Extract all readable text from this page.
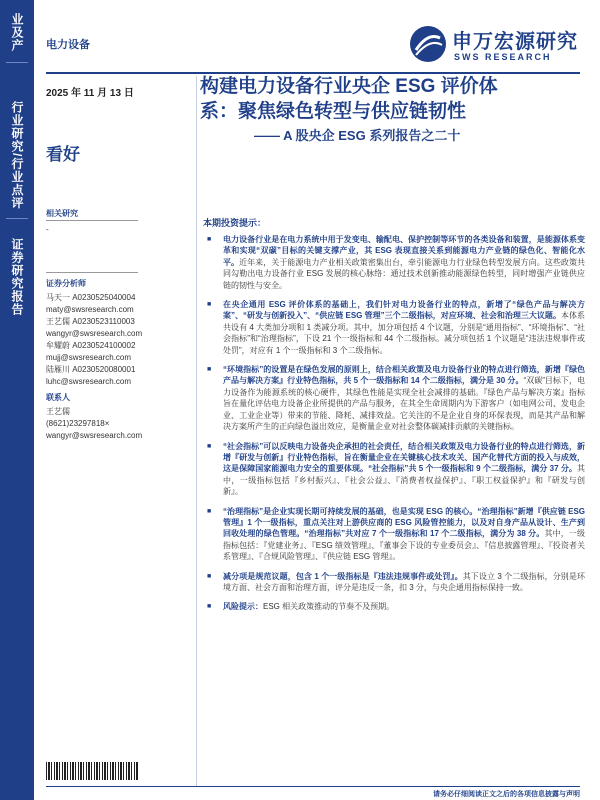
业及产
行业研究/行业点评
证券研究报告
电力设备	申万宏源研究
SWS RESEARCH
2025 年 11 月 13 日
看好
构建电力设备行业央企 ESG 评价体
系：聚焦绿色转型与供应链韧性
—— A 股央企 ESG 系列报告之二十
相关研究
-
证券分析师
马天一 A0230525040004
maty@swsresearch.com
王艺儒 A0230523110003
wangyr@swsresearch.com
牟耀蔚 A0230524100002
mujj@swsresearch.com
陆雁川 A0230520080001
luhc@swsresearch.com
联系人
王艺儒
(8621)23297818×
wangyr@swsresearch.com
本期投资提示：
■ 电力设备行业是在电力系统中用于发变电、输配电、保护控制等环节的各类设备和装置，是能源体系变革和实现“双碳”目标的关键支撑产业，其 ESG 表现直接关系到能源电力产业链的绿色化、智能化水平。近年来，关于能源电力产业相关政策密集出台，牵引能源电力行业绿色转型发展方向。这些政策共同勾勒出电力设备行业 ESG 发展的核心脉络：通过技术创新推动能源绿色转型，同时增强产业链供应链的韧性与安全。
■ 在央企通用 ESG 评价体系的基础上，我们针对电力设备行业的特点，新增了“绿色产品与解决方案”、“研发与创新投入”、“供应链 ESG 管理”三个二级指标，对应环境、社会和治理三大议题。本体系共设有 4 大类加分项和 1 类减分项。其中，加分项包括 4 个议题，分别是“通用指标”、“环境指标”、“社会指标”和“治理指标”，下设 21 个一级指标和 44 个二级指标。减分项包括 1 个议题是“违法违规事件或处罚”，对应有 1 个一级指标和 3 个二级指标。
■ “环境指标”的设置是在绿色发展的原则上，结合相关政策及电力设备行业的特点进行筛选，新增『绿色产品与解决方案』行业特色指标，共 5 个一级指标和 14 个二级指标，满分是 30 分。“双碳”目标下，电力设备作为能源系统的核心硬件，其绿色性能是实现全社会减排的基础。『绿色产品与解决方案』指标旨在量化评估电力设备企业所提供的产品与服务，在其全生命周期内为下游客户（如电网公司、发电企业、工业企业等）带来的节能、降耗、减排效益。它关注的不是企业自身的环保表现，而是其产品和解决方案所产生的正向绿色溢出效应，是衡量企业对社会整体碳减排贡献的关键指标。
■ “社会指标”可以反映电力设备央企承担的社会责任，结合相关政策及电力设备行业的特点进行筛选，新增『研发与创新』行业特色指标，旨在衡量企业在关键核心技术攻关、国产化替代方面的投入与成效，这是保障国家能源电力安全的重要体现。“社会指标”共 5 个一级指标和 9 个二级指标，满分 37 分。其中，一级指标包括『乡村振兴』、『社会公益』、『消费者权益保护』、『职工权益保护』和『研发与创新』。
■ “治理指标”是企业实现长期可持续发展的基础，也是实现 ESG 的核心。“治理指标”新增『供应链 ESG 管理』1 个一级指标，重点关注对上游供应商的 ESG 风险管控能力，以及对自身产品从设计、生产到回收处理的绿色管理。“治理指标”共对应 7 个一级指标和 17 个二级指标，满分为 38 分。其中，一级指标包括：『党建业务』、『ESG 绩效管理』、『董事会下设的专业委员会』、『信息披露管理』、『投资者关系管理』、『合规风险管理』、『供应链 ESG 管理』。
■ 减分项是规范议题，包含 1 个一级指标是『违法违规事件或处罚』。其下设立 3 个二级指标，分别是环境方面、社会方面和治理方面，评分是违反一条，扣 3 分，与央企通用指标保持一致。
■ 风险提示：ESG 相关政策推动的节奏不及预期。
请务必仔细阅读正文之后的各项信息披露与声明
